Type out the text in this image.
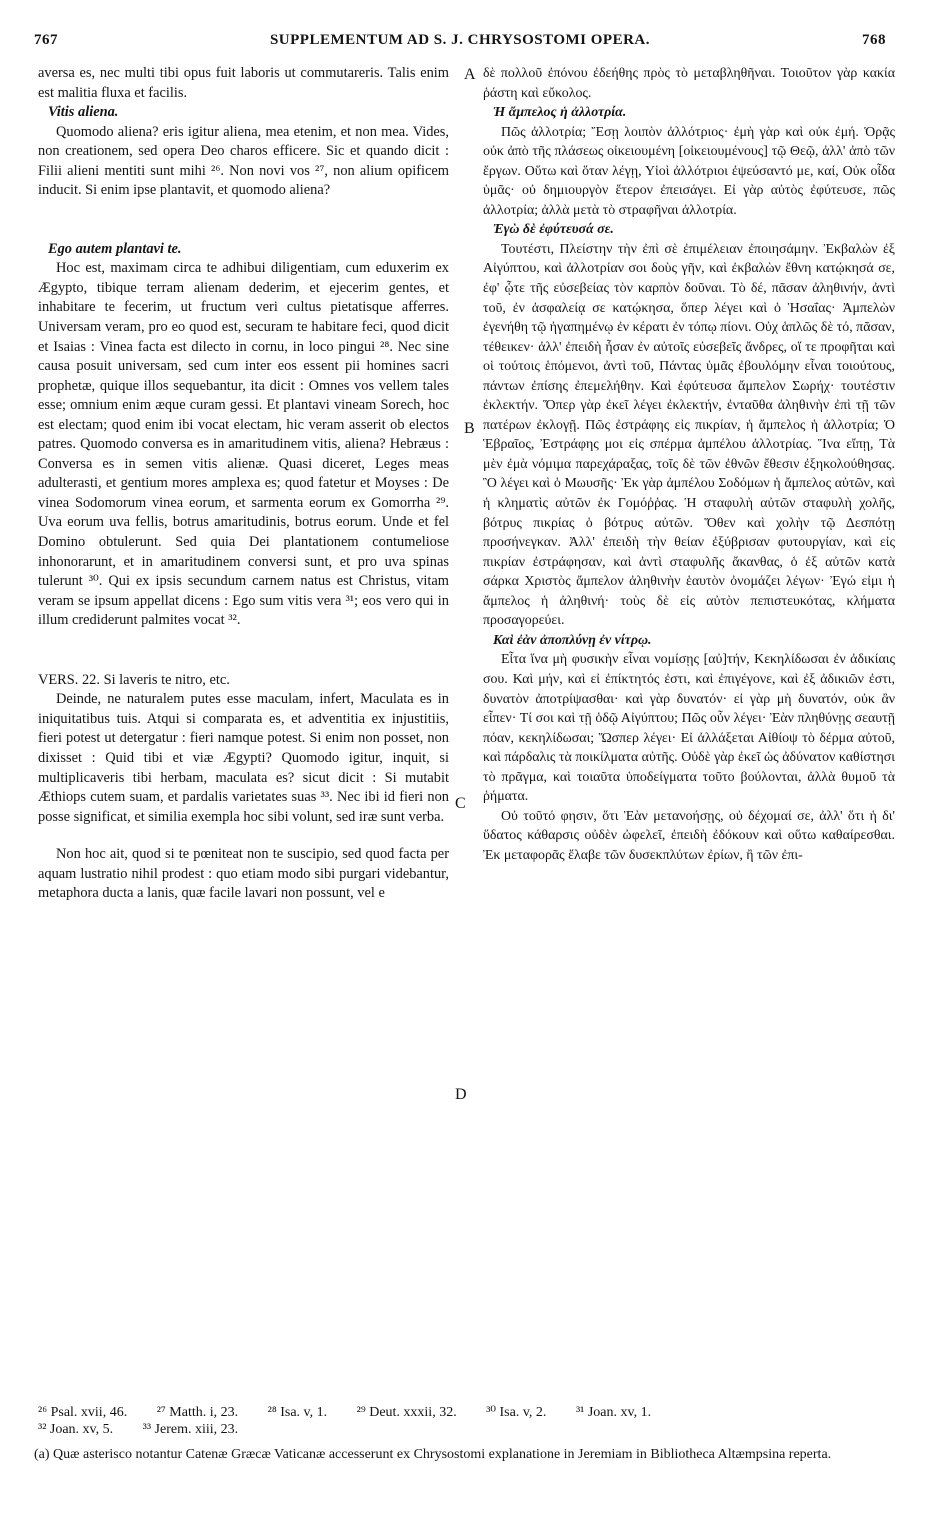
767	SUPPLEMENTUM AD S. J. CHRYSOSTOMI OPERA.	768

aversa es, nec multi tibi opus fuit laboris ut commutareris. Talis enim est malitia fluxa et facilis.

Vitis aliena.

Quomodo aliena? eris igitur aliena, mea etenim, et non mea. Vides, non creationem, sed opera Deo charos efficere. Sic et quando dicit : Filii alieni mentiti sunt mihi ²⁶. Non novi vos ²⁷, non alium opificem inducit. Si enim ipse plantavit, et quomodo aliena?

Ego autem plantavi te.

Hoc est, maximam circa te adhibui diligentiam, cum eduxerim ex Ægypto, tibique terram alienam dederim, et ejecerim gentes, et inhabitare te fecerim, ut fructum veri cultus pietatisque afferres. Universam veram, pro eo quod est, securam te habitare feci, quod dicit et Isaias : Vinea facta est dilecto in cornu, in loco pingui ²⁸. Nec sine causa posuit universam, sed cum inter eos essent pii homines sacri prophetæ, quique illos sequebantur, ita dicit : Omnes vos vellem tales esse; omnium enim æque curam gessi. Et plantavi vineam Sorech, hoc est electam; quod enim ibi vocat electam, hic veram asserit ob electos patres. Quomodo conversa es in amaritudinem vitis, aliena? Hebræus : Conversa es in semen vitis alienæ. Quasi diceret, Leges meas adulterasti, et gentium mores amplexa es; quod fatetur et Moyses : De vinea Sodomorum vinea eorum, et sarmenta eorum ex Gomorrha ²⁹. Uva eorum uva fellis, botrus amaritudinis, botrus eorum. Unde et fel Domino obtulerunt. Sed quia Dei plantationem contumeliose inhonorarunt, et in amaritudinem conversi sunt, et pro uva spinas tulerunt ³⁰. Qui ex ipsis secundum carnem natus est Christus, vitam veram se ipsum appellat dicens : Ego sum vitis vera ³¹; eos vero qui in illum crediderunt palmites vocat ³².

VERS. 22. Si laveris te nitro, etc.

Deinde, ne naturalem putes esse maculam, infert, Maculata es in iniquitatibus tuis. Atqui si comparata es, et adventitia ex injustitiis, fieri potest ut detergatur : fieri namque potest. Si enim non posset, non dixisset : Quid tibi et viæ Ægypti? Quomodo igitur, inquit, si multiplicaveris tibi herbam, maculata es? sicut dicit : Si mutabit Æthiops cutem suam, et pardalis varietates suas ³³. Nec ibi id fieri non posse significat, et similia exempla hoc sibi volunt, sed iræ sunt verba.

Non hoc ait, quod si te pœniteat non te suscipio, sed quod facta per aquam lustratio nihil prodest : quo etiam modo sibi purgari videbantur, metaphora ducta a lanis, quæ facile lavari non possunt, vel e

A
B
C
D

δὲ πολλοῦ ἐπόνου ἐδεήθης πρὸς τὸ μεταβληθῆναι. Τοιοῦτον γὰρ κακία ῥάστη καὶ εὔκολος.

Ἡ ἄμπελος ἡ ἀλλοτρία.

Πῶς ἀλλοτρία; Ἔσῃ λοιπὸν ἀλλότριος· ἐμὴ γὰρ καὶ οὐκ ἐμή. Ὁρᾷς οὐκ ἀπὸ τῆς πλάσεως οἰκειουμένη [οἰκειουμένους] τῷ Θεῷ, ἀλλ' ἀπὸ τῶν ἔργων. Οὕτω καὶ ὅταν λέγῃ, Υἱοὶ ἀλλότριοι ἐψεύσαντό με, καί, Οὐκ οἶδα ὑμᾶς· οὐ δημιουργὸν ἕτερον ἐπεισάγει. Εἰ γὰρ αὐτὸς ἐφύτευσε, πῶς ἀλλοτρία; ἀλλὰ μετὰ τὸ στραφῆναι ἀλλοτρία.

Ἐγὼ δὲ ἐφύτευσά σε.

Τουτέστι, Πλείστην τὴν ἐπὶ σὲ ἐπιμέλειαν ἐποιησάμην. Ἐκβαλὼν ἐξ Αἰγύπτου, καὶ ἀλλοτρίαν σοι δοὺς γῆν, καὶ ἐκβαλὼν ἔθνη κατῴκησά σε, ἐφ' ᾧτε τῆς εὐσεβείας τὸν καρπὸν δοῦναι. Τὸ δέ, πᾶσαν ἀληθινήν, ἀντὶ τοῦ, ἐν ἀσφαλείᾳ σε κατῴκησα, ὅπερ λέγει καὶ ὁ Ἡσαΐας· Ἀμπελὼν ἐγενήθη τῷ ἠγαπημένῳ ἐν κέρατι ἐν τόπῳ πίονι. Οὐχ ἁπλῶς δὲ τό, πᾶσαν, τέθεικεν· ἀλλ' ἐπειδὴ ἦσαν ἐν αὐτοῖς εὐσεβεῖς ἄνδρες, οἵ τε προφῆται καὶ οἱ τούτοις ἑπόμενοι, ἀντὶ τοῦ, Πάντας ὑμᾶς ἐβουλόμην εἶναι τοιούτους, πάντων ἐπίσης ἐπεμελήθην. Καὶ ἐφύτευσα ἄμπελον Σωρήχ· τουτέστιν ἐκλεκτήν. Ὅπερ γὰρ ἐκεῖ λέγει ἐκλεκτήν, ἐνταῦθα ἀληθινὴν ἐπὶ τῇ τῶν πατέρων ἐκλογῇ. Πῶς ἐστράφης εἰς πικρίαν, ἡ ἄμπελος ἡ ἀλλοτρία; Ὁ Ἑβραῖος, Ἐστράφης μοι εἰς σπέρμα ἀμπέλου ἀλλοτρίας. Ἵνα εἴπῃ, Τὰ μὲν ἐμὰ νόμιμα παρεχάραξας, τοῖς δὲ τῶν ἐθνῶν ἔθεσιν ἐξηκολούθησας. Ὃ λέγει καὶ ὁ Μωυσῆς· Ἐκ γὰρ ἀμπέλου Σοδόμων ἡ ἄμπελος αὐτῶν, καὶ ἡ κληματὶς αὐτῶν ἐκ Γομόῤῥας. Ἡ σταφυλὴ αὐτῶν σταφυλὴ χολῆς, βότρυς πικρίας ὁ βότρυς αὐτῶν. Ὅθεν καὶ χολὴν τῷ Δεσπότῃ προσήνεγκαν. Ἀλλ' ἐπειδὴ τὴν θείαν ἐξύβρισαν φυτουργίαν, καὶ εἰς πικρίαν ἐστράφησαν, καὶ ἀντὶ σταφυλῆς ἄκανθας, ὁ ἐξ αὐτῶν κατὰ σάρκα Χριστὸς ἄμπελον ἀληθινὴν ἑαυτὸν ὀνομάζει λέγων· Ἐγώ εἰμι ἡ ἄμπελος ἡ ἀληθινή· τοὺς δὲ εἰς αὐτὸν πεπιστευκότας, κλήματα προσαγορεύει.

Καὶ ἐὰν ἀποπλύνῃ ἐν νίτρῳ.

Εἶτα ἵνα μὴ φυσικὴν εἶναι νομίσῃς [αὐ]τήν, Κεκηλίδωσαι ἐν ἀδικίαις σου. Καὶ μήν, καὶ εἰ ἐπίκτητός ἐστι, καὶ ἐπιγέγονε, καὶ ἐξ ἀδικιῶν ἐστι, δυνατὸν ἀποτρίψασθαι· καὶ γὰρ δυνατόν· εἰ γὰρ μὴ δυνατόν, οὐκ ἂν εἶπεν· Τί σοι καὶ τῇ ὁδῷ Αἰγύπτου; Πῶς οὖν λέγει· Ἐὰν πληθύνῃς σεαυτῇ πόαν, κεκηλίδωσαι; Ὥσπερ λέγει· Εἰ ἀλλάξεται Αἰθίοψ τὸ δέρμα αὐτοῦ, καὶ πάρδαλις τὰ ποικίλματα αὐτῆς. Οὐδὲ γὰρ ἐκεῖ ὡς ἀδύνατον καθίστησι τὸ πρᾶγμα, καὶ τοιαῦτα ὑποδείγματα τοῦτο βούλονται, ἀλλὰ θυμοῦ τὰ ῥήματα.

Οὐ τοῦτό φησιν, ὅτι Ἐὰν μετανοήσῃς, οὐ δέχομαί σε, ἀλλ' ὅτι ἡ δι' ὕδατος κάθαρσις οὐδὲν ὠφελεῖ, ἐπειδὴ ἐδόκουν καὶ οὕτω καθαίρεσθαι. Ἐκ μεταφορᾶς ἔλαβε τῶν δυσεκπλύτων ἐρίων, ἢ τῶν ἐπι-

²⁶ Psal. xvii, 46. ²⁷ Matth. i, 23. ²⁸ Isa. v, 1. ²⁹ Deut. xxxii, 32. ³⁰ Isa. v, 2. ³¹ Joan. xv, 1.
³² Joan. xv, 5. ³³ Jerem. xiii, 23.
(a) Quæ asterisco notantur Catenæ Græcæ Vaticanæ accesserunt ex Chrysostomi explanatione in Jeremiam in Bibliotheca Altæmpsina reperta.
